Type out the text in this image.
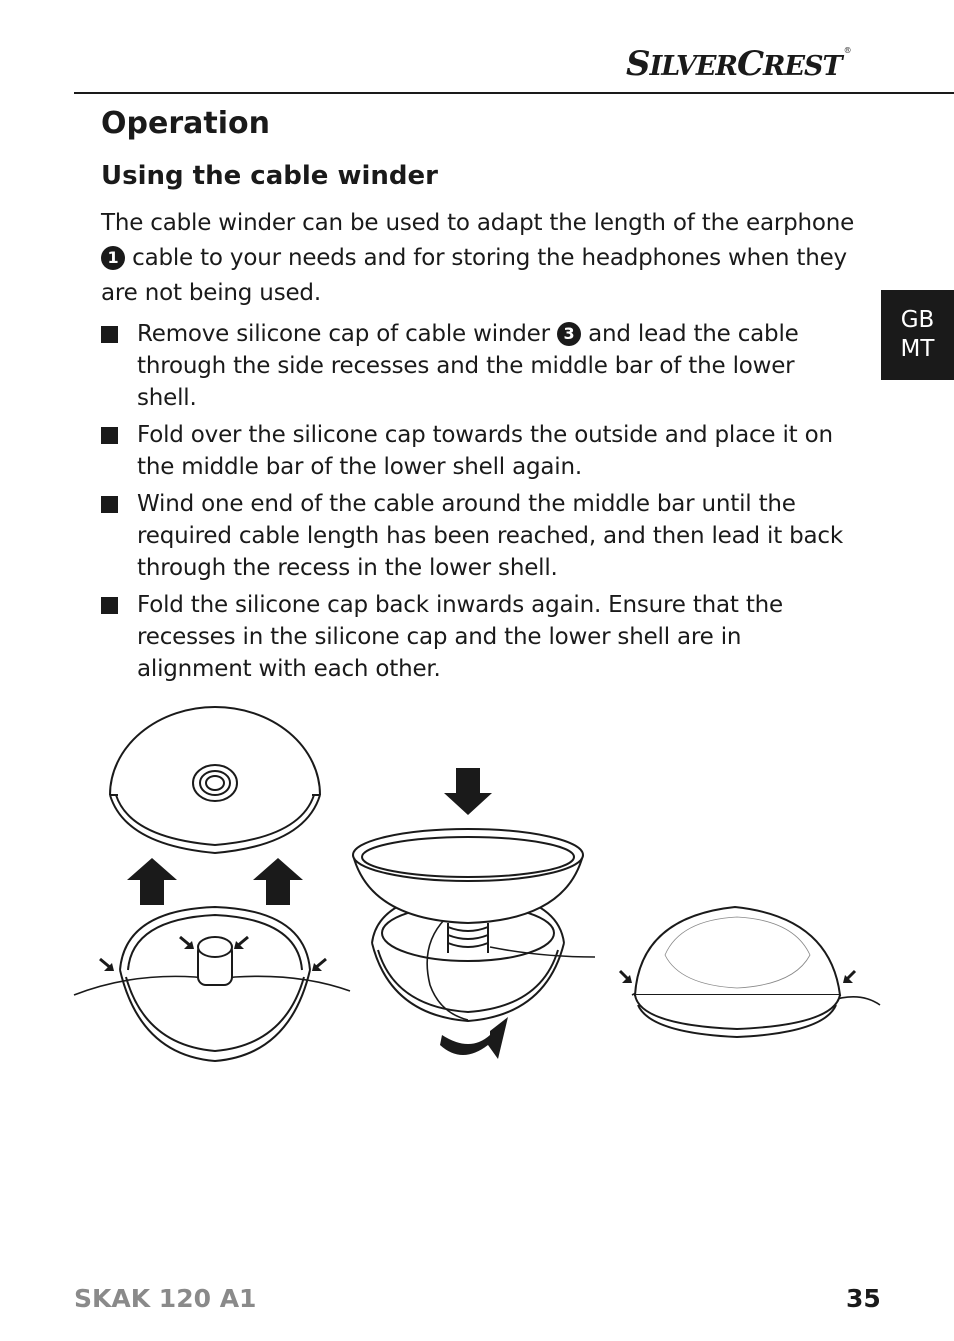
SILVERCREST®
Operation
Using the cable winder

The cable winder can be used to adapt the length of the earphone 1 cable to your needs and for storing the headphones when they are not being used.

Remove silicone cap of cable winder 3 and lead the cable through the side recesses and the middle bar of the lower shell.
Fold over the silicone cap towards the outside and place it on the middle bar of the lower shell again.
Wind one end of the cable around the middle bar until the required cable length has been reached, and then lead it back through the recess in the lower shell.
Fold the silicone cap back inwards again. Ensure that the recesses in the silicone cap and the lower shell are in alignment with each other.
GB
MT
SKAK 120 A1	35
